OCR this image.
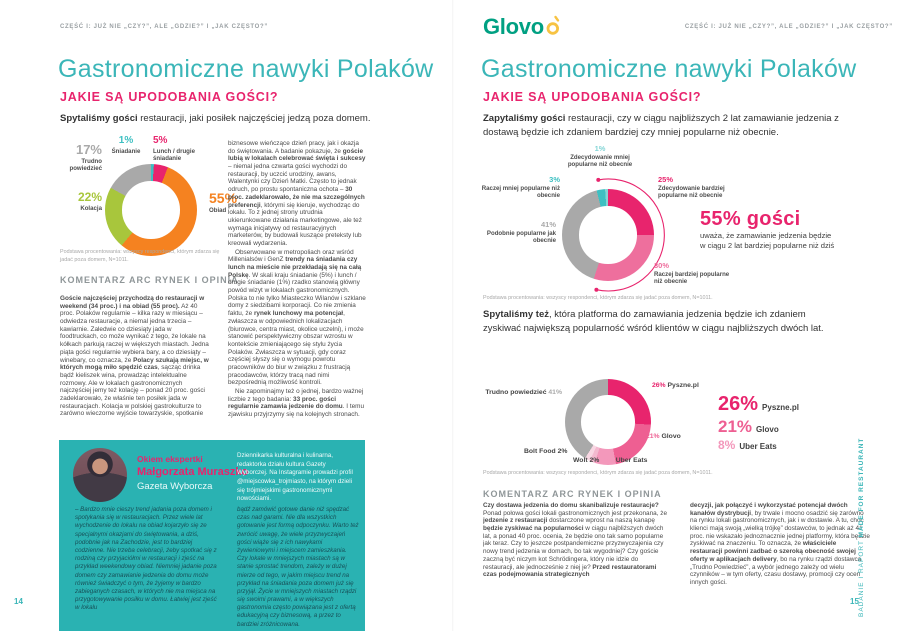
CZĘŚĆ I: JUŻ NIE „CZY?”, ALE „GDZIE?” I „JAK CZĘSTO?”
Gastronomiczne nawyki Polaków
JAKIE SĄ UPODOBANIA GOŚCI?
Spytaliśmy gości restauracji, jaki posiłek najczęściej jedzą poza domem.
1%
Śniadanie
5%
Lunch / drugie śniadanie
17%
Trudno powiedzieć
22%
Kolacja
55%
Obiad
Podstawa procentowania: wszyscy respondenci, którym zdarza się jadać poza domem, N=1011.
KOMENTARZ ARC RYNEK I OPINIA
Goście najczęściej przychodzą do restauracji w weekend (34 proc.) i na obiad (55 proc). Aż 40 proc. Polaków regularnie – kilka razy w miesiącu – odwiedza restauracje, a niemal jedna trzecia – kawiarnie. Zaledwie co dziesiąty jada w foodtruckach, co może wynikać z tego, że lokale na kółkach parkują raczej w większych miastach. Jedna piąta gości regularnie wybiera bary, a co dziesiąty – winebary, co oznacza, że Polacy szukają miejsc, w których mogą miło spędzić czas, sącząc drinka bądź kieliszek wina, prowadząc intelektualne rozmowy. Ale w lokalach gastronomicznych najczęściej jemy też kolację – ponad 20 proc. gości zadeklarowało, że właśnie ten posiłek jada w restauracjach. Kolacja w polskiej gastrokulturze to zarówno wieczorne wyjście towarzyskie, spotkanie

biznesowe wieńczące dzień pracy, jak i okazja do świętowania. A badanie pokazuje, że goście lubią w lokalach celebrować święta i sukcesy – niemal jedna czwarta gości wychodzi do restauracji, by uczcić urodziny, awans, Walentynki czy Dzień Matki. Często to jednak odruch, po prostu spontaniczna ochota – 30 proc. zadeklarowało, że nie ma szczególnych preferencji, którymi się kieruje, wychodząc do lokalu. To z jednej strony utrudnia ukierunkowane działania marketingowe, ale też wymaga inicjatywy od restauracyjnych marketerów, by budowali kuszące preteksty lub kreowali wydarzenia.

Obserwowane w metropoliach oraz wśród Millenialsów i GenZ trendy na śniadania czy lunch na mieście nie przekładają się na całą Polskę. W skali kraju śniadanie (5%) i lunch / drugie śniadanie (1%) rzadko stanowią główny powód wizyt w lokalach gastronomicznych. Polska to nie tylko Miasteczko Wilanów i szklane domy z siedzibami korporacji. Co nie zmienia faktu, że rynek lunchowy ma potencjał, zwłaszcza w odpowiednich lokalizacjach (biurowce, centra miast, okolice uczelni), i może stanowić perspektywiczny obszar wzrostu w kontekście zmieniającego się stylu życia Polaków. Zwłaszcza w sytuacji, gdy coraz częściej słyszy się o wymogu powrotu pracowników do biur w związku z frustracją pracodawców, którzy tracą nad nimi bezpośrednią możliwość kontroli.

Nie zapominajmy też o jednej, bardzo ważnej liczbie z tego badania: 33 proc. gości regularnie zamawia jedzenie do domu. I temu zjawisku przyjrzymy się na kolejnych stronach.

Okiem ekspertki
Małgorzata Muraszko
Gazeta Wyborcza
Dziennikarka kulturalna i kulinarna, redaktorka działu kultura Gazety Wyborczej. Na Instagramie prowadzi profil @miejscowka_trojmiasto, na którym dzieli się trójmiejskimi gastronomicznymi nowościami.
– Bardzo mnie cieszy trend jadania poza domem i spotykania się w restauracjach. Przez wiele lat wychodzenie do lokalu na obiad kojarzyło się ze specjalnymi okazjami do świętowania, a dziś, podobnie jak na Zachodzie, jest to bardziej codzienne. Nie trzeba celebracji, żeby spotkać się z rodziną czy przyjaciółmi w restauracji i zjeść na przykład weekendowy obiad. Niemniej jadanie poza domem czy zamawianie jedzenia do domu może również świadczyć o tym, że żyjemy w bardzo zabieganych czasach, w których nie ma miejsca na przygotowywanie posiłku w domu. Łatwiej jest zjeść w lokalu
bądź zamówić gotowe danie niż spędzać czas nad garami. Nie dla wszystkich gotowanie jest formą odpoczynku. Warto też zwrócić uwagę, że wiele przyzwyczajeń gości wiąże się z ich nawykami żywieniowymi i miejscem zamieszkania. Czy lokale w mniejszych miastach są w stanie sprostać trendom, zależy w dużej mierze od tego, w jakim miejscu trend na przykład na śniadania poza domem już się przyjął. Życie w mniejszych miastach rządzi się swoimi prawami, a w większych gastronomia często powiązana jest z ofertą edukacyjną czy biznesową, a przez to bardziej zróżnicowaną.
14
Glovo	CZĘŚĆ I: JUŻ NIE „CZY?”, ALE „GDZIE?” I „JAK CZĘSTO?”
Gastronomiczne nawyki Polaków
JAKIE SĄ UPODOBANIA GOŚCI?
Zapytaliśmy gości restauracji, czy w ciągu najbliższych 2 lat zamawianie jedzenia z dostawą będzie ich zdaniem bardziej czy mniej popularne niż obecnie.
1%
Zdecydowanie mniej popularne niż obecnie
3%
Raczej mniej popularne niż obecnie
41%
Podobnie popularne jak obecnie
25%
Zdecydowanie bardziej popularne niż obecnie
30%
Raczej bardziej popularne niż obecnie
55% gości
uważa, że zamawianie jedzenia będzie
w ciągu 2 lat bardziej popularne niż dziś
Podstawa procentowania: wszyscy respondenci, którym zdarza się jadać poza domem, N=1011.
Spytaliśmy też, która platforma do zamawiania jedzenia będzie ich zdaniem zyskiwać największą popularność wśród klientów w ciągu najbliższych dwóch lat.
Trudno powiedzieć 41%
26% Pyszne.pl
21% Glovo
Bolt Food 2%
Wolt 2% 8% Uber Eats
26% Pyszne.pl
21% Glovo
8% Uber Eats
Podstawa procentowania: wszyscy respondenci, którym zdarza się jadać poza domem, N=1011.
KOMENTARZ ARC RYNEK I OPINIA
Czy dostawa jedzenia do domu skanibalizuje restauracje? Ponad połowa gości lokali gastronomicznych jest przekonana, że jedzenie z restauracji dostarczone wprost na naszą kanapę będzie zyskiwać na popularności w ciągu najbliższych dwóch lat, a ponad 40 proc. ocenia, że będzie ono tak samo popularne jak teraz. Czy to jeszcze postpandemiczne przyzwyczajenia czy nowy trend jedzenia w domach, bo tak wygodniej? Czy goście zaczną być niczym kot Schrödingera, który nie idzie do restauracji, ale jednocześnie z niej je? Przed restauratorami czas podejmowania strategicznych
decyzji, jak połączyć i wykorzystać potencjał dwóch kanałów dystrybucji, by trwale i mocno osadzić się zarówno na rynku lokali gastronomicznych, jak i w dostawie. A tu, choć klienci mają swoją „wielką trójkę” dostawców, to jednak aż 41 proc. nie wskazało jednoznacznie jednej platformy, która będzie zyskiwać na znaczeniu. To oznacza, że właściciele restauracji powinni zadbać o szeroką obecność swojej oferty w aplikacjach delivery, bo na rynku rządzi dostawca „Trudno Powiedzieć”, a wybór jednego zależy od wielu czynników – w tym oferty, czasu dostawy, promocji czy ocen innych gości.	BADANIE I RAPORT MADE FOR RESTAURANT
15
